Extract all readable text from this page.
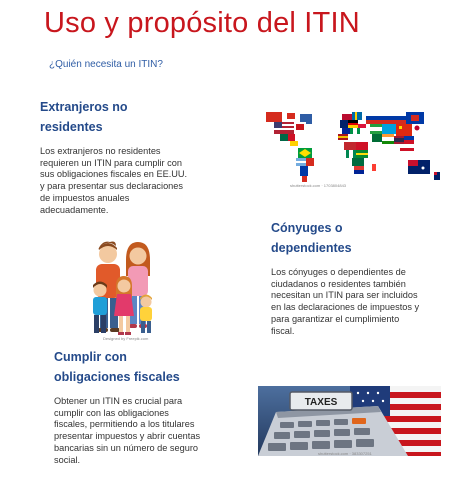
Uso y propósito del ITIN

¿Quién necesita un ITIN?

Extranjeros no residentes

Los extranjeros no residentes requieren un ITIN para cumplir con sus obligaciones fiscales en EE.UU. y para presentar sus declaraciones de impuestos anuales adecuadamente.

Cónyuges o dependientes

Los cónyuges o dependientes de ciudadanos o residentes también necesitan un ITIN para ser incluidos en las declaraciones de impuestos y para garantizar el cumplimiento fiscal.

Cumplir con obligaciones fiscales

Obtener un ITIN es crucial para cumplir con las obligaciones fiscales, permitiendo a los titulares presentar impuestos y abrir cuentas bancarias sin un número de seguro social.

shutterstock.com · 1703804843
Designed by Freepik.com
TAXES
shutterstock.com · 383307251
